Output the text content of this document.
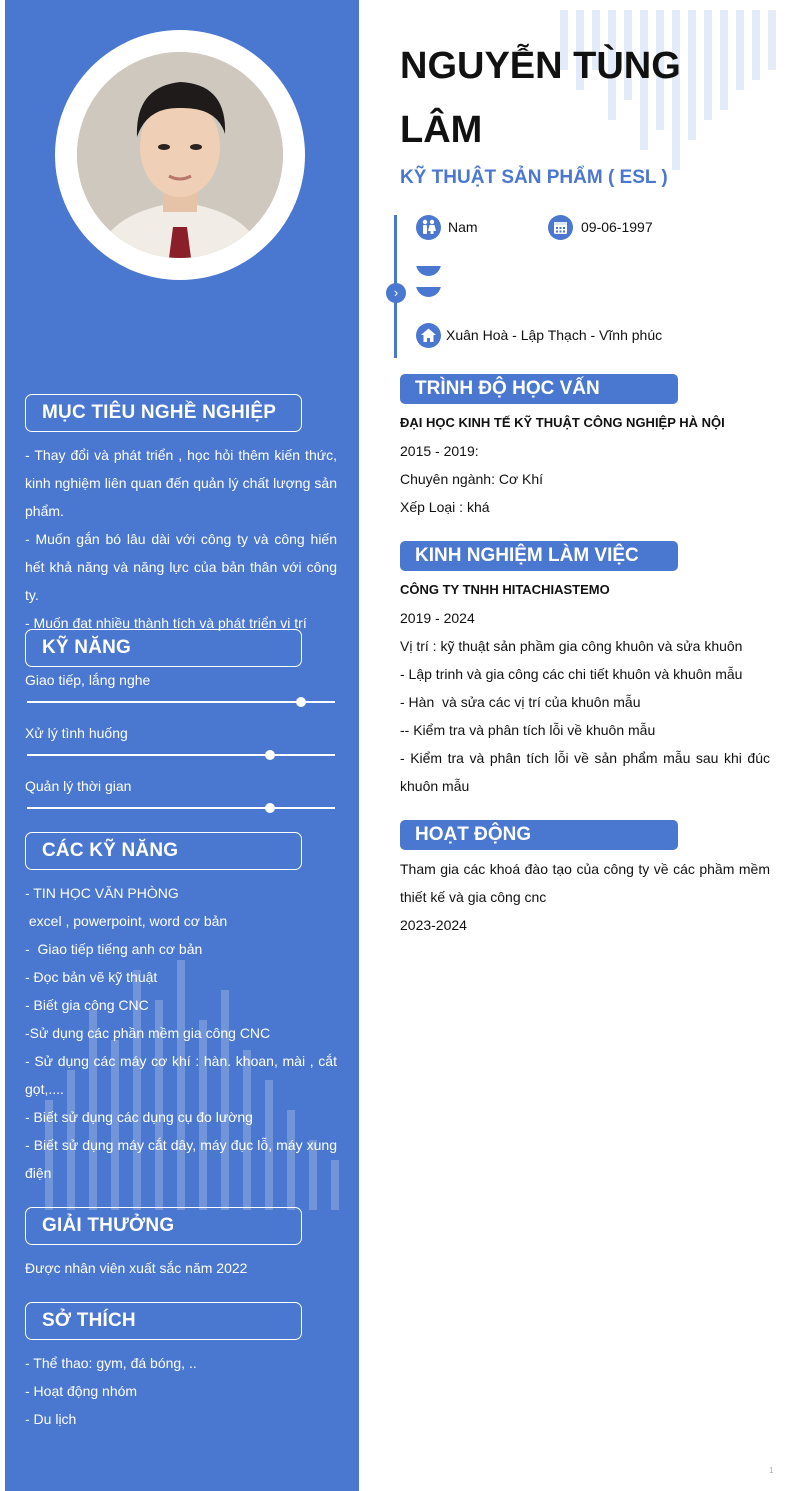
MỤC TIÊU NGHỀ NGHIỆP

- Thay đổi và phát triển , học hỏi thêm kiến thức, kinh nghiệm liên quan đến quản lý chất lượng sản phẩm.

- Muốn gắn bó lâu dài với công ty và công hiến hết khả năng và năng lực của bản thân với công ty.

- Muốn đạt nhiều thành tích và phát triển vị trí

KỸ NĂNG
Giao tiếp, lắng nghe
Xử lý tình huống
Quản lý thời gian
CÁC KỸ NĂNG

- TIN HỌC VĂN PHÒNG

excel , powerpoint, word cơ bản

-  Giao tiếp tiếng anh cơ bản

- Đọc bản vẽ kỹ thuật

- Biết gia công CNC

-Sử dụng các phần mềm gia công CNC

- Sử dụng các máy cơ khí : hàn. khoan, mài , cắt gọt,....

- Biết sử dụng các dụng cụ đo lường

- Biết sử dụng máy cắt dây, máy đục lỗ, máy xung điện

GIẢI THƯỞNG

Được nhân viên xuất sắc năm 2022

SỞ THÍCH

- Thể thao: gym, đá bóng, ..

- Hoạt động nhóm

- Du lịch

NGUYỄN TÙNG LÂM
KỸ THUẬT SẢN PHẨM ( ESL )
›
Nam	09-06-1997
Xuân Hoà - Lập Thạch - Vĩnh phúc
TRÌNH ĐỘ HỌC VẤN

ĐẠI HỌC KINH TẾ KỸ THUẬT CÔNG NGHIỆP HÀ NỘI

2015 - 2019:

Chuyên ngành: Cơ Khí

Xếp Loại : khá

KINH NGHIỆM LÀM VIỆC

CÔNG TY TNHH HITACHIASTEMO

2019 - 2024

Vị trí : kỹ thuật sản phầm gia công khuôn và sửa khuôn

- Lập trinh và gia công các chi tiết khuôn và khuôn mẫu

- Hàn  và sửa các vị trí của khuôn mẫu

-- Kiểm tra và phân tích lỗi về khuôn mẫu

- Kiểm tra và phân tích lỗi về sản phẩm mẫu sau khi đúc khuôn mẫu

HOẠT ĐỘNG

Tham gia các khoá đào tạo của công ty về các phầm mềm thiết kế và gia công cnc

2023-2024

1
